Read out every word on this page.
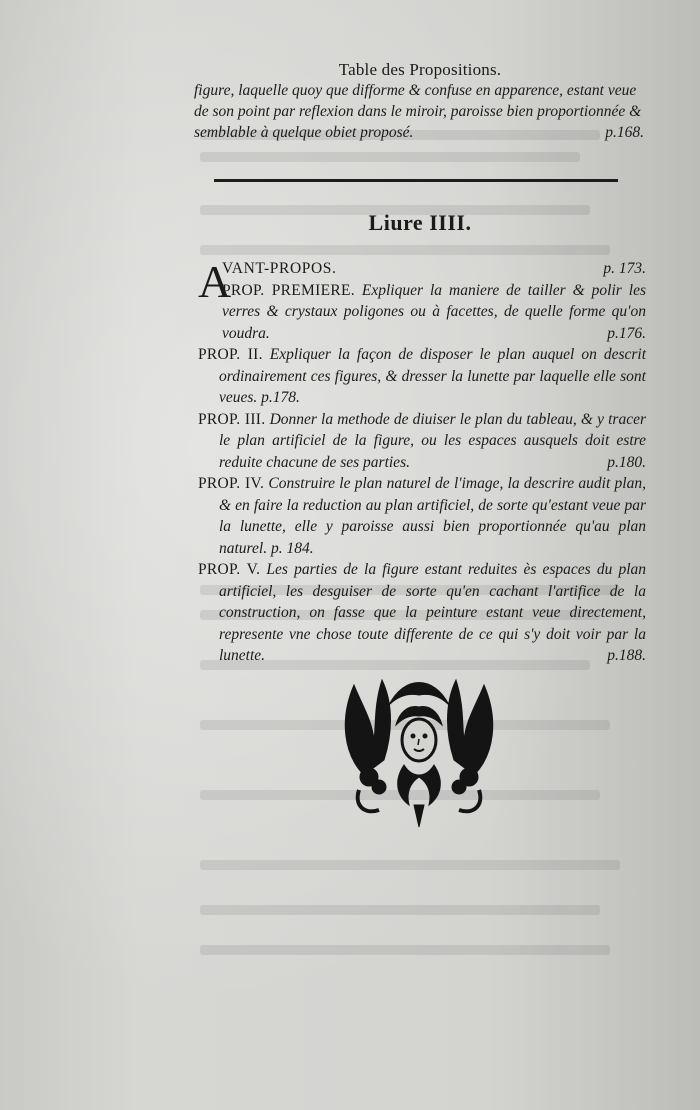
Table des Propositions.
figure, laquelle quoy que difforme & confuse en apparence, estant veue de son point par reflexion dans le miroir, paroisse bien proportionnée & semblable à quelque obiet proposé.	p.168.
Liure IIII.
A
VANT-PROPOS.	p. 173.
PROP. PREMIERE. Expliquer la maniere de tailler & polir les verres & crystaux poligones ou à facettes, de quelle forme qu'on voudra.	p.176.
PROP. II. Expliquer la façon de disposer le plan auquel on descrit ordinairement ces figures, & dresser la lunette par laquelle elle sont veues. p.178.
PROP. III. Donner la methode de diuiser le plan du tableau, & y tracer le plan artificiel de la figure, ou les espaces ausquels doit estre reduite chacune de ses parties.	p.180.
PROP. IV. Construire le plan naturel de l'image, la descrire audit plan, & en faire la reduction au plan artificiel, de sorte qu'estant veue par la lunette, elle y paroisse aussi bien proportionnée qu'au plan naturel. p. 184.
PROP. V. Les parties de la figure estant reduites ès espaces du plan artificiel, les desguiser de sorte qu'en cachant l'artifice de la construction, on fasse que la peinture estant veue directement, represente vne chose toute differente de ce qui s'y doit voir par la lunette.	p.188.
